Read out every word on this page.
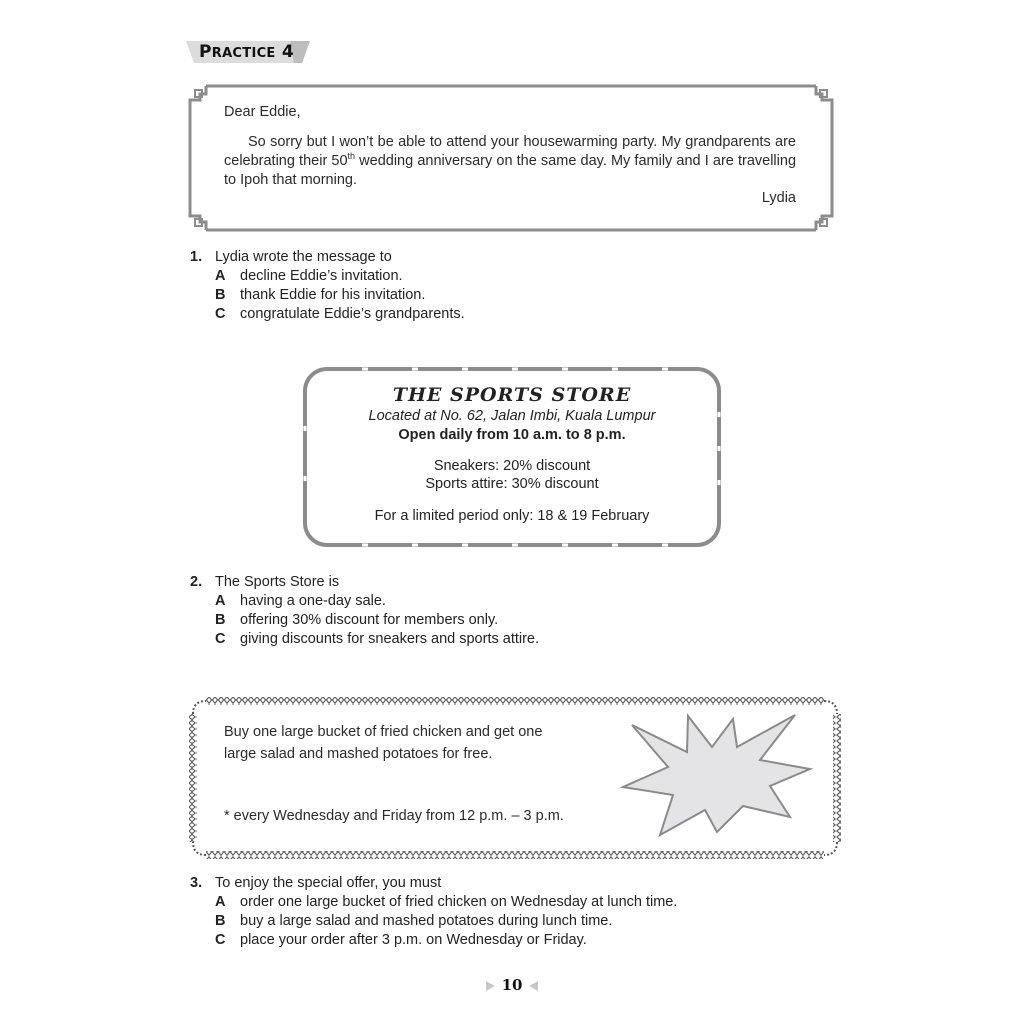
PRACTICE 4
Dear Eddie,
So sorry but I won’t be able to attend your housewarming party. My grandparents are celebrating their 50th wedding anniversary on the same day. My family and I are travelling to Ipoh that morning.
Lydia
1. Lydia wrote the message to
A decline Eddie’s invitation.
B thank Eddie for his invitation.
C congratulate Eddie’s grandparents.
THE SPORTS STORE
Located at No. 62, Jalan Imbi, Kuala Lumpur
Open daily from 10 a.m. to 8 p.m.
Sneakers: 20% discount
Sports attire: 30% discount
For a limited period only: 18 & 19 February
2. The Sports Store is
A having a one-day sale.
B offering 30% discount for members only.
C giving discounts for sneakers and sports attire.
Buy one large bucket of fried chicken and get one
large salad and mashed potatoes for free.
* every Wednesday and Friday from 12 p.m. – 3 p.m.
3. To enjoy the special offer, you must
A order one large bucket of fried chicken on Wednesday at lunch time.
B buy a large salad and mashed potatoes during lunch time.
C place your order after 3 p.m. on Wednesday or Friday.
10
